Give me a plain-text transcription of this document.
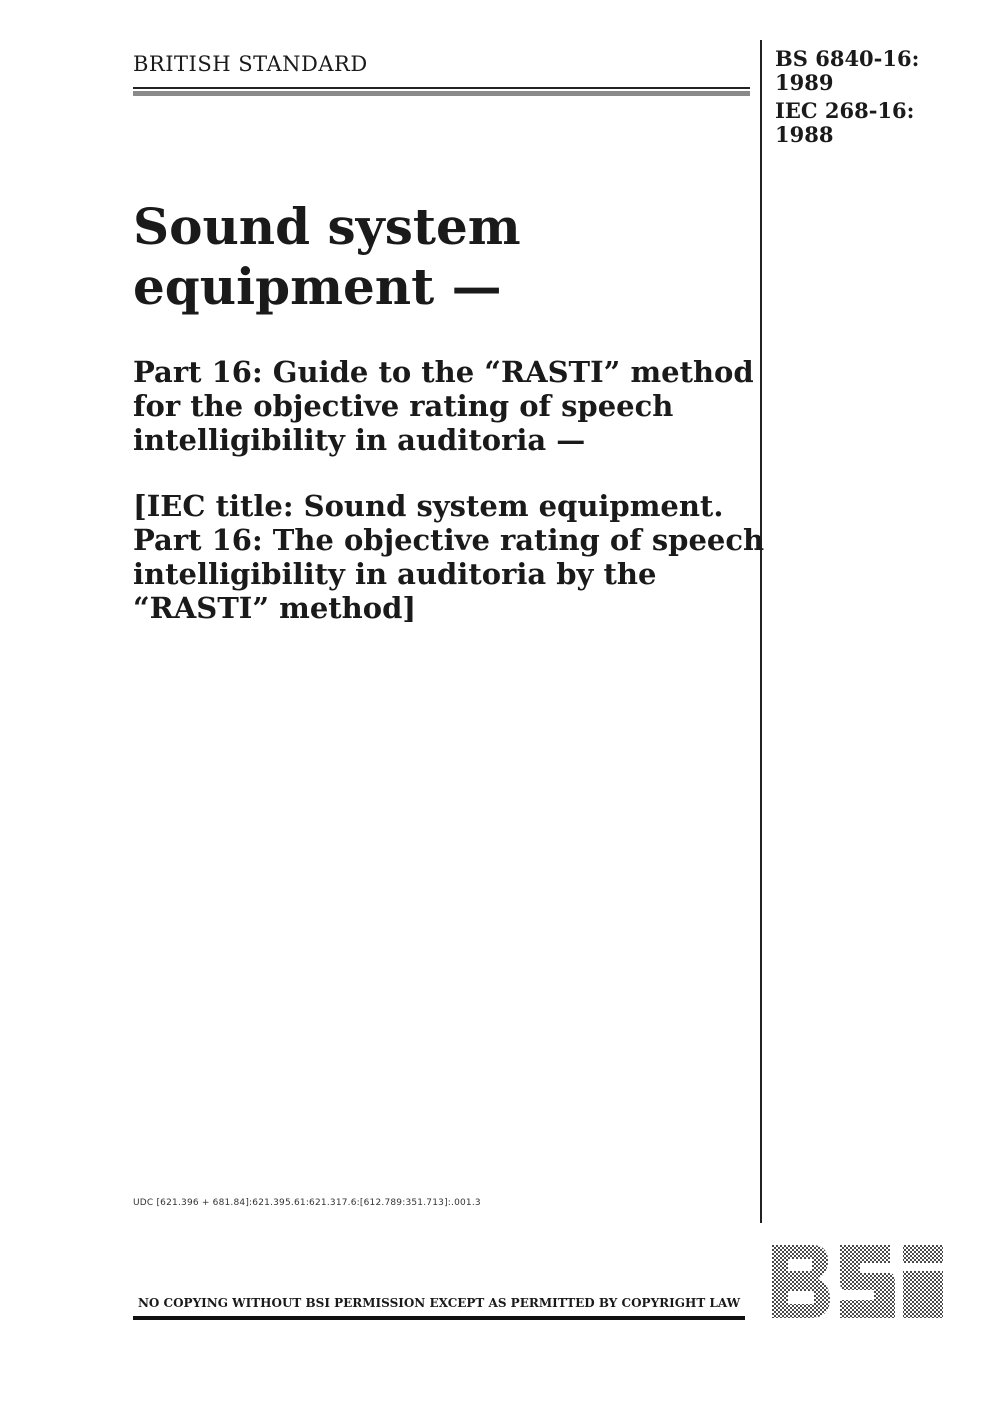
BRITISH STANDARD	BS 6840-16:
1989
IEC 268-16:
1988
Sound system
equipment —
Part 16: Guide to the “RASTI” method
for the objective rating of speech
intelligibility in auditoria —
[IEC title: Sound system equipment.
Part 16: The objective rating of speech
intelligibility in auditoria by the
“RASTI” method]
UDC [621.396 + 681.84]:621.395.61:621.317.6:[612.789:351.713]:.001.3
NO COPYING WITHOUT BSI PERMISSION EXCEPT AS PERMITTED BY COPYRIGHT LAW
